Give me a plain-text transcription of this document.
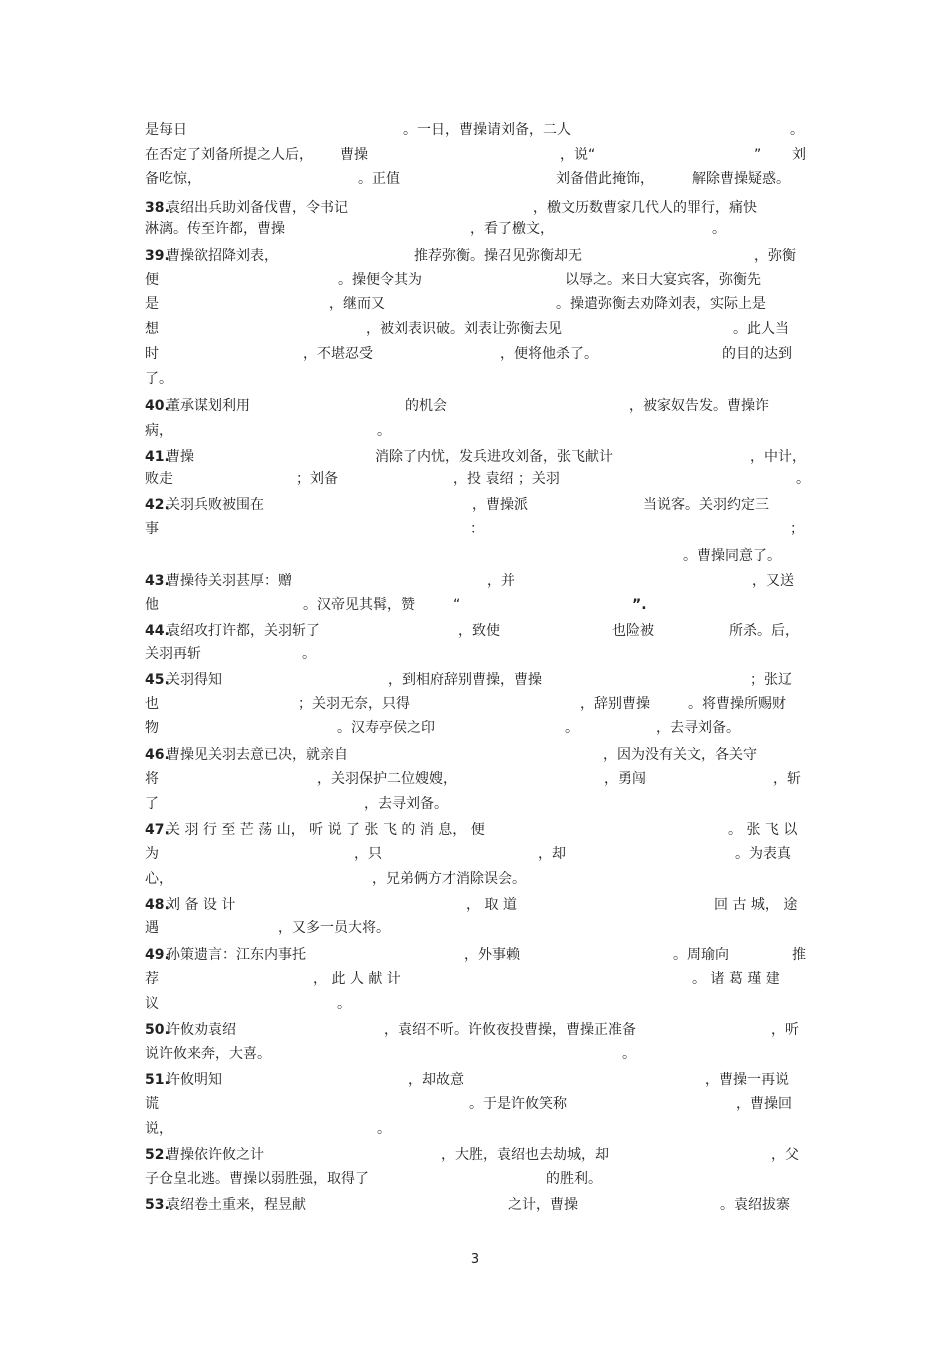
是每日	。一日，曹操请刘备，二人	。
在否定了刘备所提之人后， 曹操	，说“	” 刘
备吃惊，	。正值	刘备借此掩饰，	解除曹操疑惑。
38.
袁绍出兵助刘备伐曹，令书记	，檄文历数曹家几代人的罪行，痛快
淋漓。传至许都，曹操	，看了檄文，	。
39.
曹操欲招降刘表，	推荐弥衡。操召见弥衡却无	，弥衡
便	。操便令其为	以辱之。来日大宴宾客，弥衡先
是	，继而又	。操遣弥衡去劝降刘表，实际上是
想	，被刘表识破。刘表让弥衡去见	。此人当
时	，不堪忍受	，便将他杀了。	的目的达到
了。
40.
董承谋划利用	的机会	，被家奴告发。曹操诈
病，	。
41.
曹操	消除了内忧，发兵进攻刘备，张飞献计	，中计，
败走	；刘备	，投 袁绍 ；关羽	。
42.
关羽兵败被围在	，曹操派	当说客。关羽约定三
事	：	；
。曹操同意了。
43.
曹操待关羽甚厚：赠	，并	，又送
他	。汉帝见其髯，赞	“	”.
44.
袁绍攻打许都，关羽斩了	，致使	也险被	所杀。后，
关羽再斩	。
45.
关羽得知	，到相府辞别曹操，曹操	；张辽
也	；关羽无奈，只得	，辞别曹操	。将曹操所赐财
物	。汉寿亭侯之印	。	，去寻刘备。
46.
曹操见关羽去意已决，就亲自	，因为没有关文，各关守
将	，关羽保护二位嫂嫂，	，勇闯	，斩
了	，去寻刘备。
47.
关 羽 行 至 芒 荡 山， 听 说 了 张 飞 的 消 息， 便	。 张 飞 以
为	，只	，却	。为表真
心，	，兄弟俩方才消除误会。
48.
刘 备 设 计	， 取 道	回 古 城， 途
遇	，又多一员大将。
49.
孙策遗言：江东内事托	，外事赖	。周瑜向	推
荐	， 此 人 献 计	。 诸 葛 瑾 建
议	。
50.
许攸劝袁绍	，袁绍不听。许攸夜投曹操，曹操正准备	，听
说许攸来奔，大喜。	。
51.
许攸明知	，却故意	，曹操一再说
谎	。于是许攸笑称	，曹操回
说，	。
52.
曹操依许攸之计	，大胜，袁绍也去劫城，却	，父
子仓皇北逃。曹操以弱胜强，取得了	的胜利。
53.
袁绍卷土重来，程昱献	之计，曹操	。袁绍拔寨
3
